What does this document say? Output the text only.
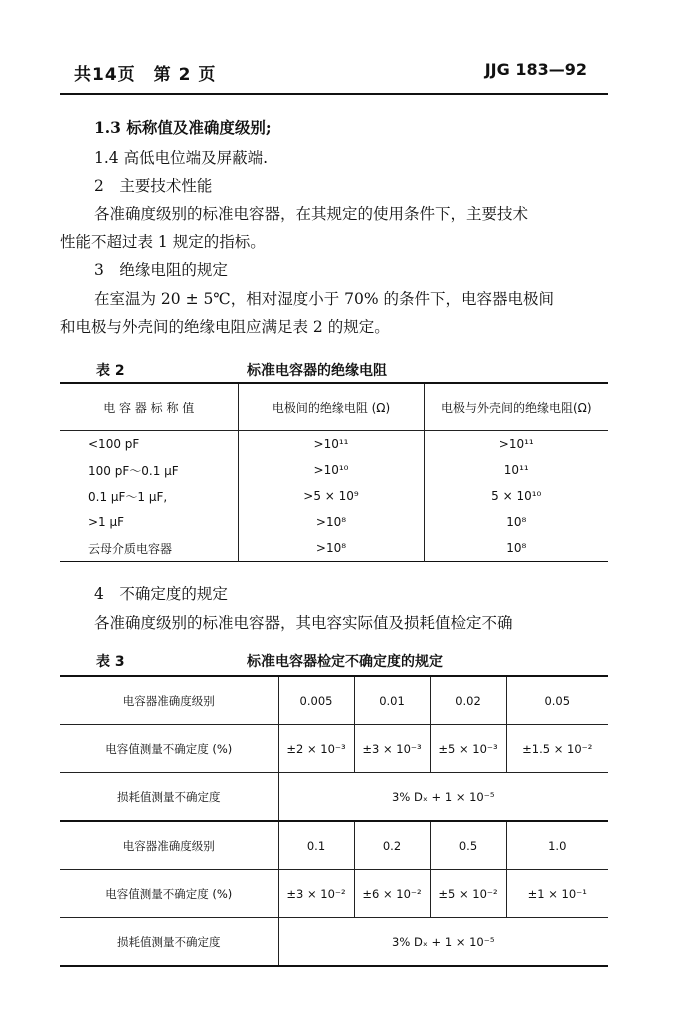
共14页　第 2 页	JJG 183—92
1.3 标称值及准确度级别;
1.4 高低电位端及屏蔽端.
2　主要技术性能
各准确度级别的标准电容器，在其规定的使用条件下，主要技术
性能不超过表 1 规定的指标。
3　绝缘电阻的规定
在室温为 20 ± 5℃，相对湿度小于 70% 的条件下，电容器电极间
和电极与外壳间的绝缘电阻应满足表 2 的规定。
表 2	标准电容器的绝缘电阻
电 容 器 标 称 值	电极间的绝缘电阻 (Ω)	电极与外壳间的绝缘电阻(Ω)
<100 pF	>10¹¹	>10¹¹
100 pF～0.1 μF	>10¹⁰	10¹¹
0.1 μF～1 μF,	>5 × 10⁹	5 × 10¹⁰
>1 μF	>10⁸	10⁸
云母介质电容器	>10⁸	10⁸
4　不确定度的规定
各准确度级别的标准电容器，其电容实际值及损耗值检定不确
表 3	标准电容器检定不确定度的规定
电容器准确度级别	0.005	0.01	0.02	0.05
电容值测量不确定度 (%)	±2 × 10⁻³	±3 × 10⁻³	±5 × 10⁻³	±1.5 × 10⁻²
损耗值测量不确定度	3% Dₓ + 1 × 10⁻⁵			
电容器准确度级别	0.1	0.2	0.5	1.0
电容值测量不确定度 (%)	±3 × 10⁻²	±6 × 10⁻²	±5 × 10⁻²	±1 × 10⁻¹
损耗值测量不确定度	3% Dₓ + 1 × 10⁻⁵			
